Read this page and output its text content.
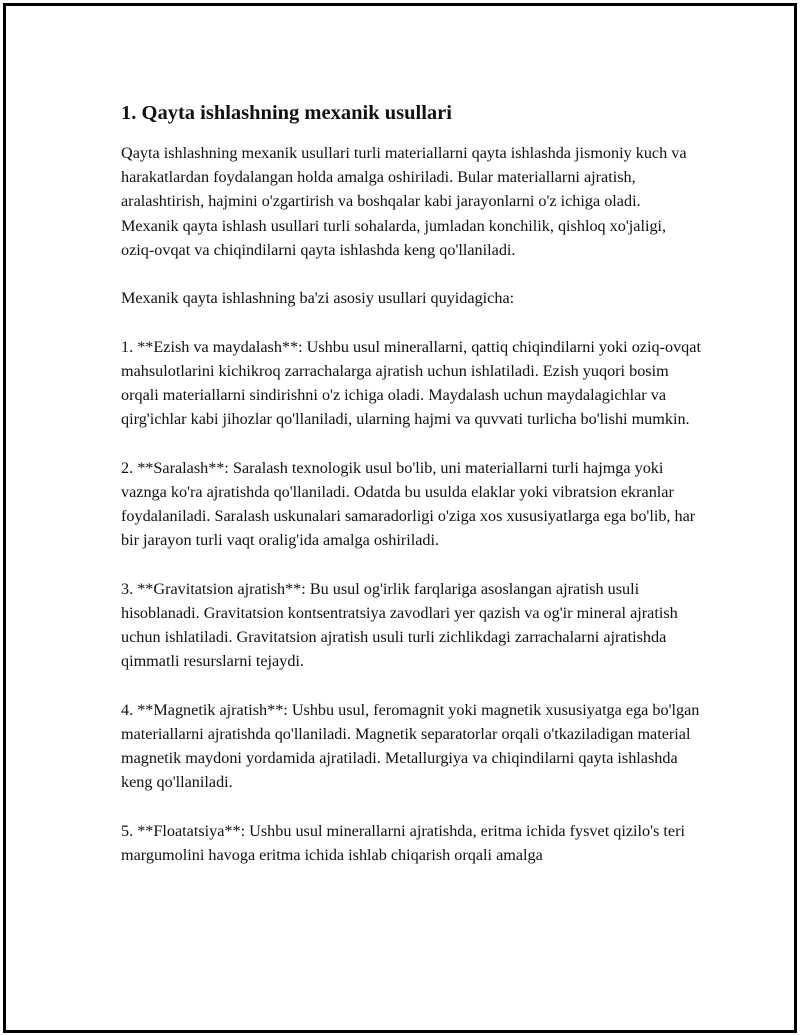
1. Qayta ishlashning mexanik usullari

Qayta ishlashning mexanik usullari turli materiallarni qayta ishlashda jismoniy kuch va harakatlardan foydalangan holda amalga oshiriladi. Bular materiallarni ajratish, aralashtirish, hajmini o'zgartirish va boshqalar kabi jarayonlarni o'z ichiga oladi. Mexanik qayta ishlash usullari turli sohalarda, jumladan konchilik, qishloq xo'jaligi, oziq-ovqat va chiqindilarni qayta ishlashda keng qo'llaniladi.

Mexanik qayta ishlashning ba'zi asosiy usullari quyidagicha:

1. **Ezish va maydalash**: Ushbu usul minerallarni, qattiq chiqindilarni yoki oziq-ovqat mahsulotlarini kichikroq zarrachalarga ajratish uchun ishlatiladi. Ezish yuqori bosim orqali materiallarni sindirishni o'z ichiga oladi. Maydalash uchun maydalagichlar va qirg'ichlar kabi jihozlar qo'llaniladi, ularning hajmi va quvvati turlicha bo'lishi mumkin.

2. **Saralash**: Saralash texnologik usul bo'lib, uni materiallarni turli hajmga yoki vaznga ko'ra ajratishda qo'llaniladi. Odatda bu usulda elaklar yoki vibratsion ekranlar foydalaniladi. Saralash uskunalari samaradorligi o'ziga xos xususiyatlarga ega bo'lib, har bir jarayon turli vaqt oralig'ida amalga oshiriladi.

3. **Gravitatsion ajratish**: Bu usul og'irlik farqlariga asoslangan ajratish usuli hisoblanadi. Gravitatsion kontsentratsiya zavodlari yer qazish va og'ir mineral ajratish uchun ishlatiladi. Gravitatsion ajratish usuli turli zichlikdagi zarrachalarni ajratishda qimmatli resurslarni tejaydi.

4. **Magnetik ajratish**: Ushbu usul, feromagnit yoki magnetik xususiyatga ega bo'lgan materiallarni ajratishda qo'llaniladi. Magnetik separatorlar orqali o'tkaziladigan material magnetik maydoni yordamida ajratiladi. Metallurgiya va chiqindilarni qayta ishlashda keng qo'llaniladi.

5. **Floatatsiya**: Ushbu usul minerallarni ajratishda, eritma ichida fysvet qizilo's teri margumolini havoga eritma ichida ishlab chiqarish orqali amalga
